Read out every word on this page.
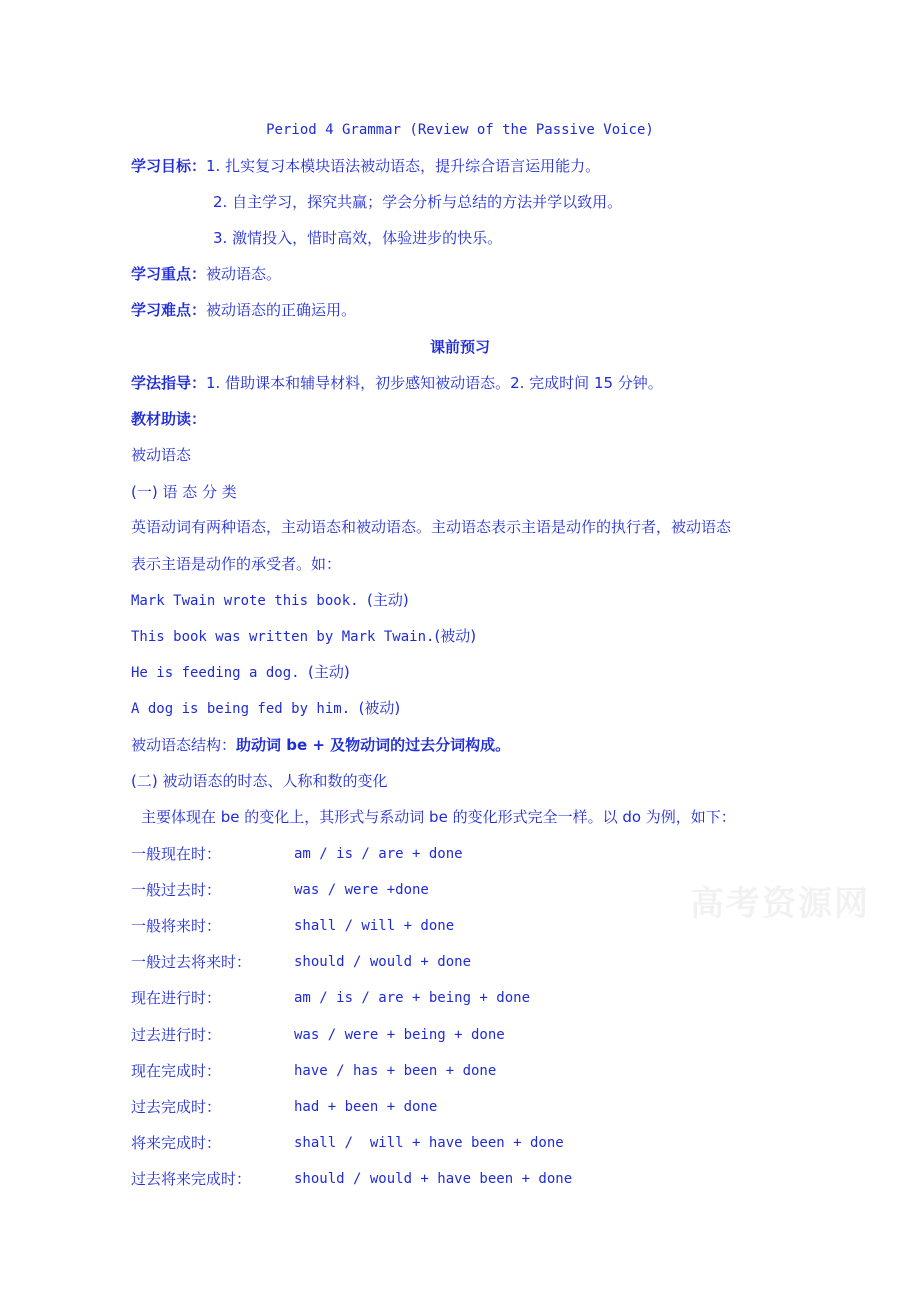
Period 4 Grammar (Review of the Passive Voice)
学习目标：1. 扎实复习本模块语法被动语态，提升综合语言运用能力。
2. 自主学习，探究共赢；学会分析与总结的方法并学以致用。
3. 激情投入，惜时高效，体验进步的快乐。
学习重点：被动语态。
学习难点：被动语态的正确运用。
课前预习
学法指导：1. 借助课本和辅导材料，初步感知被动语态。2. 完成时间 15 分钟。
教材助读：
被动语态
(一) 语 态 分 类
英语动词有两种语态，主动语态和被动语态。主动语态表示主语是动作的执行者，被动语态
表示主语是动作的承受者。如：
Mark Twain wrote this book. (主动)
This book was written by Mark Twain.(被动)
He is feeding a dog. (主动)
A dog is being fed by him. (被动)
被动语态结构：助动词 be + 及物动词的过去分词构成。
(二) 被动语态的时态、人称和数的变化
主要体现在 be 的变化上，其形式与系动词 be 的变化形式完全一样。以 do 为例，如下：
一般现在时：	am / is / are + done
一般过去时：	was / were +done
一般将来时：	shall / will + done
一般过去将来时：	should / would + done
现在进行时：	am / is / are + being + done
过去进行时：	was / were + being + done
现在完成时：	have / has + been + done
过去完成时：	had + been + done
将来完成时：	shall /  will + have been + done
过去将来完成时：	should / would + have been + done
高考资源网
